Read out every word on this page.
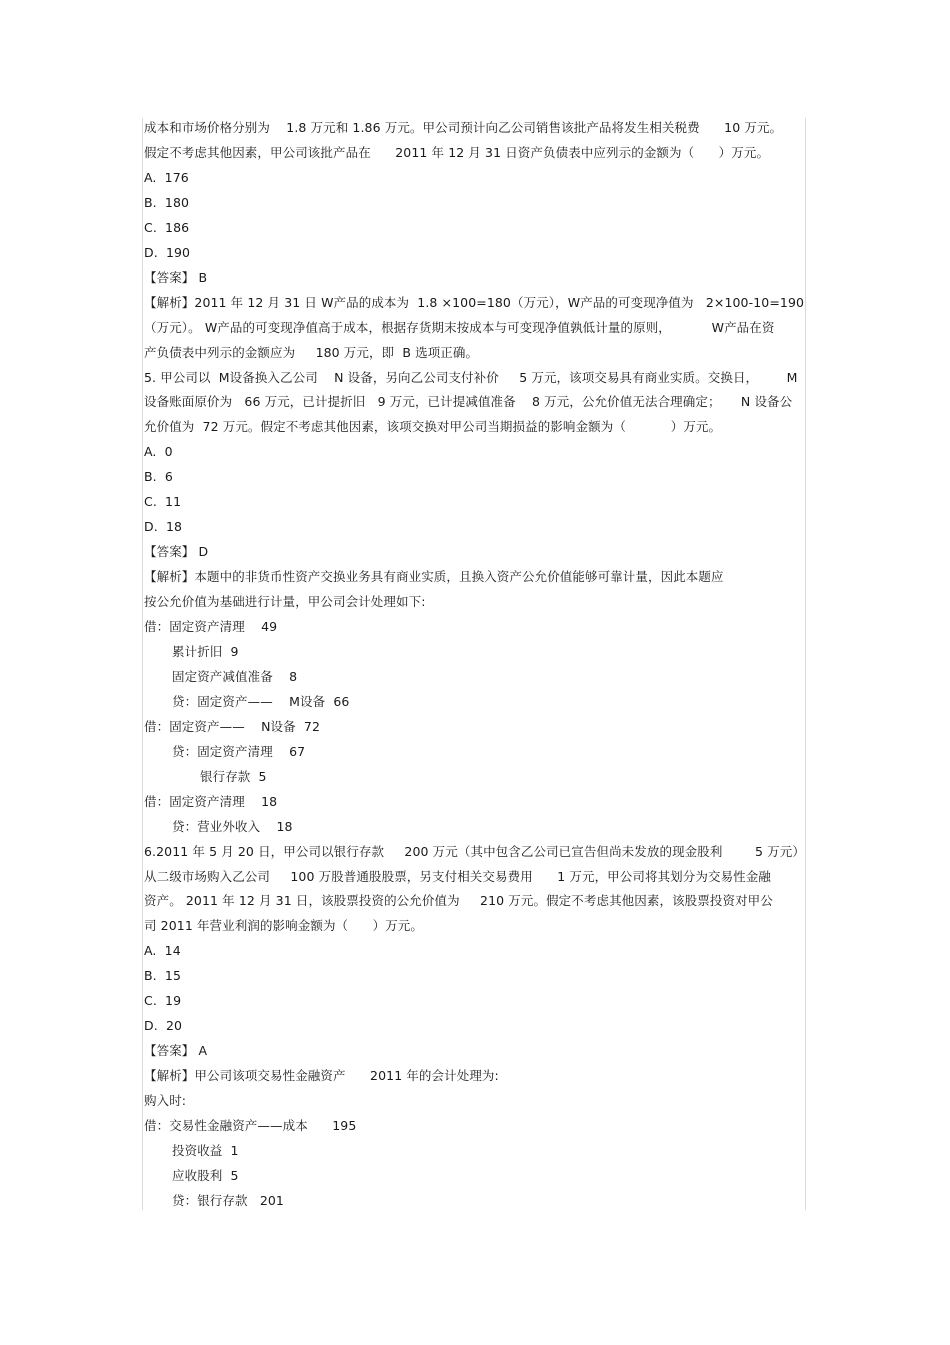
成本和市场价格分别为    1.8 万元和 1.86 万元。甲公司预计向乙公司销售该批产品将发生相关税费      10 万元。
假定不考虑其他因素，甲公司该批产品在      2011 年 12 月 31 日资产负债表中应列示的金额为（      ）万元。
A.  176
B.  180
C.  186
D.  190
【答案】 B
【解析】2011 年 12 月 31 日 W产品的成本为  1.8 ×100=180（万元），W产品的可变现净值为   2×100-10=190
（万元）。 W产品的可变现净值高于成本，根据存货期末按成本与可变现净值孰低计量的原则，          W产品在资
产负债表中列示的金额应为     180 万元，即  B 选项正确。
5. 甲公司以  M设备换入乙公司    N 设备，另向乙公司支付补价     5 万元，该项交易具有商业实质。交换日，       M
设备账面原价为   66 万元，已计提折旧   9 万元，已计提减值准备    8 万元，公允价值无法合理确定；     N 设备公
允价值为  72 万元。假定不考虑其他因素，该项交换对甲公司当期损益的影响金额为（           ）万元。
A.  0
B.  6
C.  11
D.  18
【答案】 D
【解析】本题中的非货币性资产交换业务具有商业实质，且换入资产公允价值能够可靠计量，因此本题应
按公允价值为基础进行计量，甲公司会计处理如下:
借：固定资产清理    49
累计折旧  9
固定资产减值准备    8
贷：固定资产——    M设备  66
借：固定资产——    N设备  72
贷：固定资产清理    67
银行存款  5
借：固定资产清理    18
贷：营业外收入    18
6.2011 年 5 月 20 日，甲公司以银行存款     200 万元（其中包含乙公司已宣告但尚未发放的现金股利        5 万元）
从二级市场购入乙公司     100 万股普通股股票，另支付相关交易费用      1 万元，甲公司将其划分为交易性金融
资产。 2011 年 12 月 31 日，该股票投资的公允价值为     210 万元。假定不考虑其他因素，该股票投资对甲公
司 2011 年营业利润的影响金额为（      ）万元。
A.  14
B.  15
C.  19
D.  20
【答案】 A
【解析】甲公司该项交易性金融资产      2011 年的会计处理为:
购入时:
借：交易性金融资产——成本      195
投资收益  1
应收股利  5
贷：银行存款   201
